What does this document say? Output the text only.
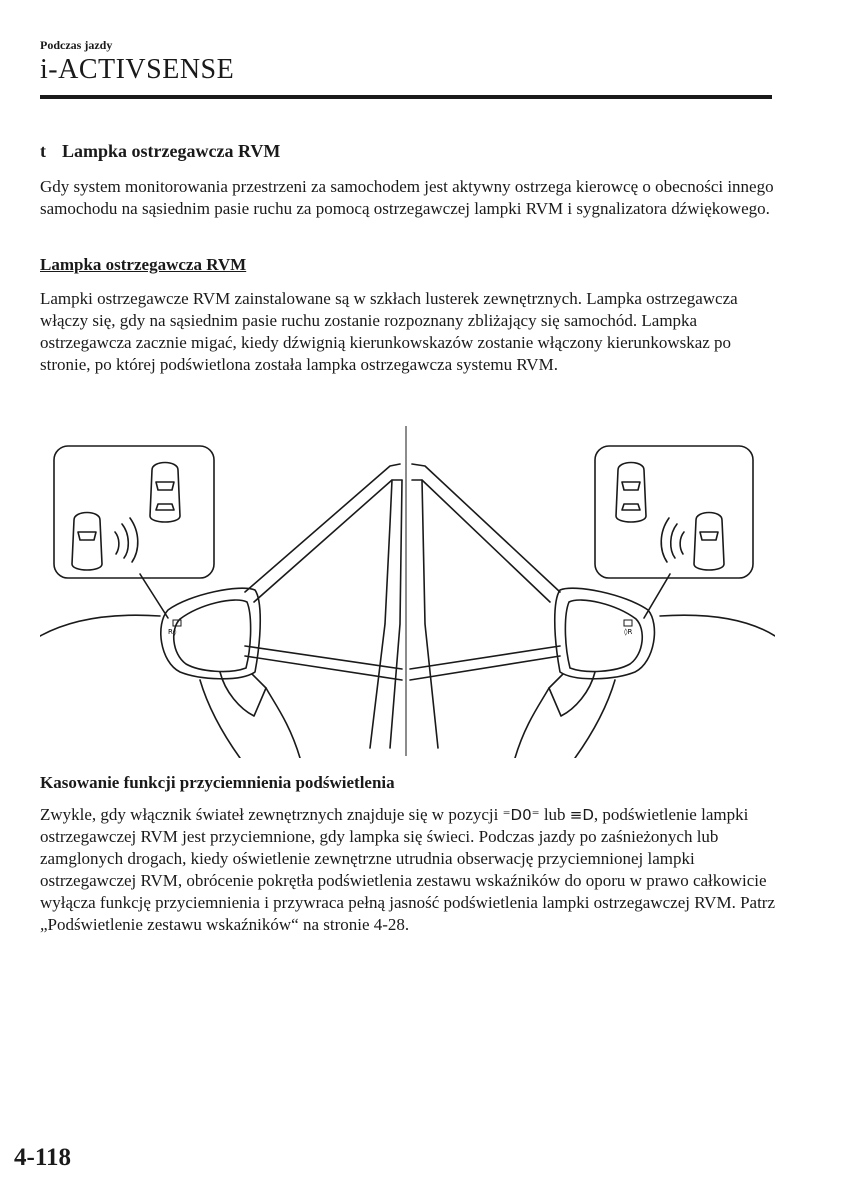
Podczas jazdy
i-ACTIVSENSE
t Lampka ostrzegawcza RVM
Gdy system monitorowania przestrzeni za samochodem jest aktywny ostrzega kierowcę o obecności innego samochodu na sąsiednim pasie ruchu za pomocą ostrzegawczej lampki RVM i sygnalizatora dźwiękowego.
Lampka ostrzegawcza RVM
Lampki ostrzegawcze RVM zainstalowane są w szkłach lusterek zewnętrznych. Lampka ostrzegawcza włączy się, gdy na sąsiednim pasie ruchu zostanie rozpoznany zbliżający się samochód. Lampka ostrzegawcza zacznie migać, kiedy dźwignią kierunkowskazów zostanie włączony kierunkowskaz po stronie, po której podświetlona została lampka ostrzegawcza systemu RVM.
R◊	◊R
Kasowanie funkcji przyciemnienia podświetlenia
Zwykle, gdy włącznik świateł zewnętrznych znajduje się w pozycji ⁼D0⁼ lub ≡D, podświetlenie lampki ostrzegawczej RVM jest przyciemnione, gdy lampka się świeci. Podczas jazdy po zaśnieżonych lub zamglonych drogach, kiedy oświetlenie zewnętrzne utrudnia obserwację przyciemnionej lampki ostrzegawczej RVM, obrócenie pokrętła podświetlenia zestawu wskaźników do oporu w prawo całkowicie wyłącza funkcję przyciemnienia i przywraca pełną jasność podświetlenia lampki ostrzegawczej RVM. Patrz „Podświetlenie zestawu wskaźników“ na stronie 4-28.
4-118
